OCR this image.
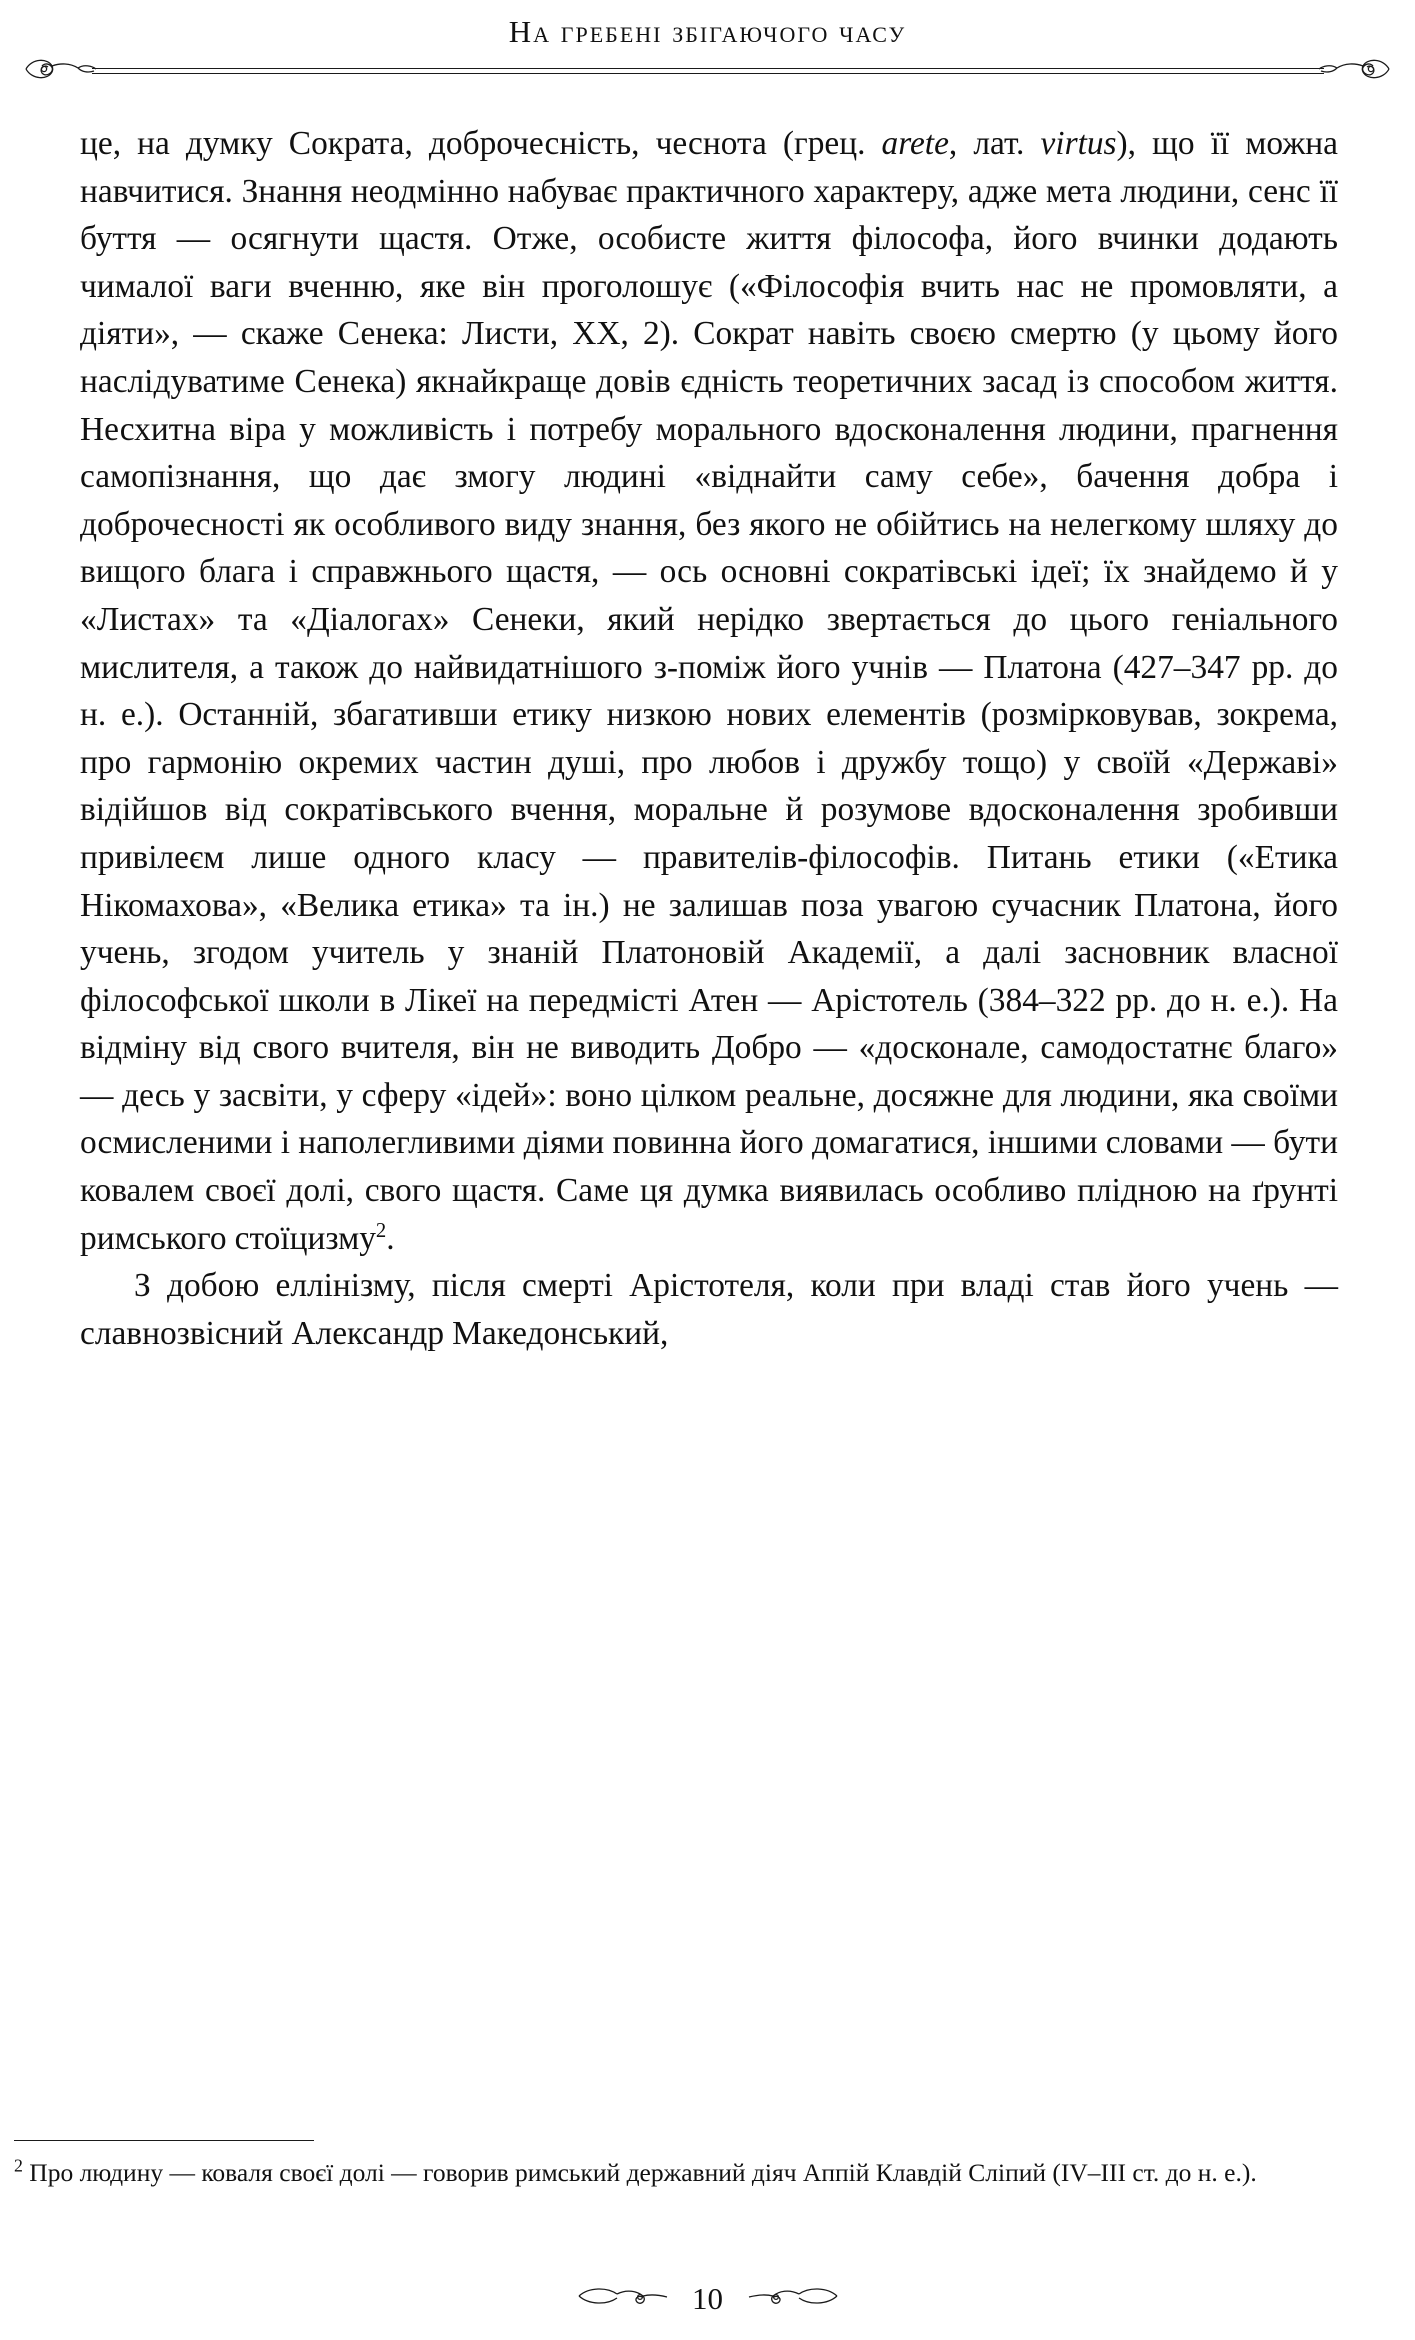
На гребені збігаючого часу

це, на думку Сократа, доброчесність, чеснота (грец. arete, лат. virtus), що її можна навчитися. Знання неодмінно набуває практичного характеру, адже мета людини, сенс її буття — осягнути щастя. Отже, особисте життя філософа, його вчинки додають чималої ваги вченню, яке він проголошує («Філософія вчить нас не промовляти, а діяти», — скаже Сенека: Листи, XX, 2). Сократ навіть своєю смертю (у цьому його наслідуватиме Сенека) якнайкраще довів єдність теоретичних засад із способом життя. Несхитна віра у можливість і потребу морального вдосконалення людини, прагнення самопізнання, що дає змогу людині «віднайти саму себе», бачення добра і доброчесності як особливого виду знання, без якого не обійтись на нелегкому шляху до вищого блага і справжнього щастя, — ось основні сократівські ідеї; їх знайдемо й у «Листах» та «Діалогах» Сенеки, який нерідко звертається до цього геніального мислителя, а також до найвидатнішого з-поміж його учнів — Платона (427–347 рр. до н. е.). Останній, збагативши етику низкою нових елементів (розмірковував, зокрема, про гармонію окремих частин душі, про любов і дружбу тощо) у своїй «Державі» відійшов від сократівського вчення, моральне й розумове вдосконалення зробивши привілеєм лише одного класу — правителів-філософів. Питань етики («Етика Нікомахова», «Велика етика» та ін.) не залишав поза увагою сучасник Платона, його учень, згодом учитель у знаній Платоновій Академії, а далі засновник власної філософської школи в Лікеї на передмісті Атен — Арістотель (384–322 рр. до н. е.). На відміну від свого вчителя, він не виводить Добро — «досконале, самодостатнє благо» — десь у засвіти, у сферу «ідей»: воно цілком реальне, досяжне для людини, яка своїми осмисленими і наполегливими діями повинна його домагатися, іншими словами — бути ковалем своєї долі, свого щастя. Саме ця думка виявилась особливо плідною на ґрунті римського стоїцизму$^2$.

З добою еллінізму, після смерті Арістотеля, коли при владі став його учень — славнозвісний Александр Македонський,

$^2$ Про людину — коваля своєї долі — говорив римський державний діяч Аппій Клавдій Сліпий (IV–III ст. до н. е.).

10
